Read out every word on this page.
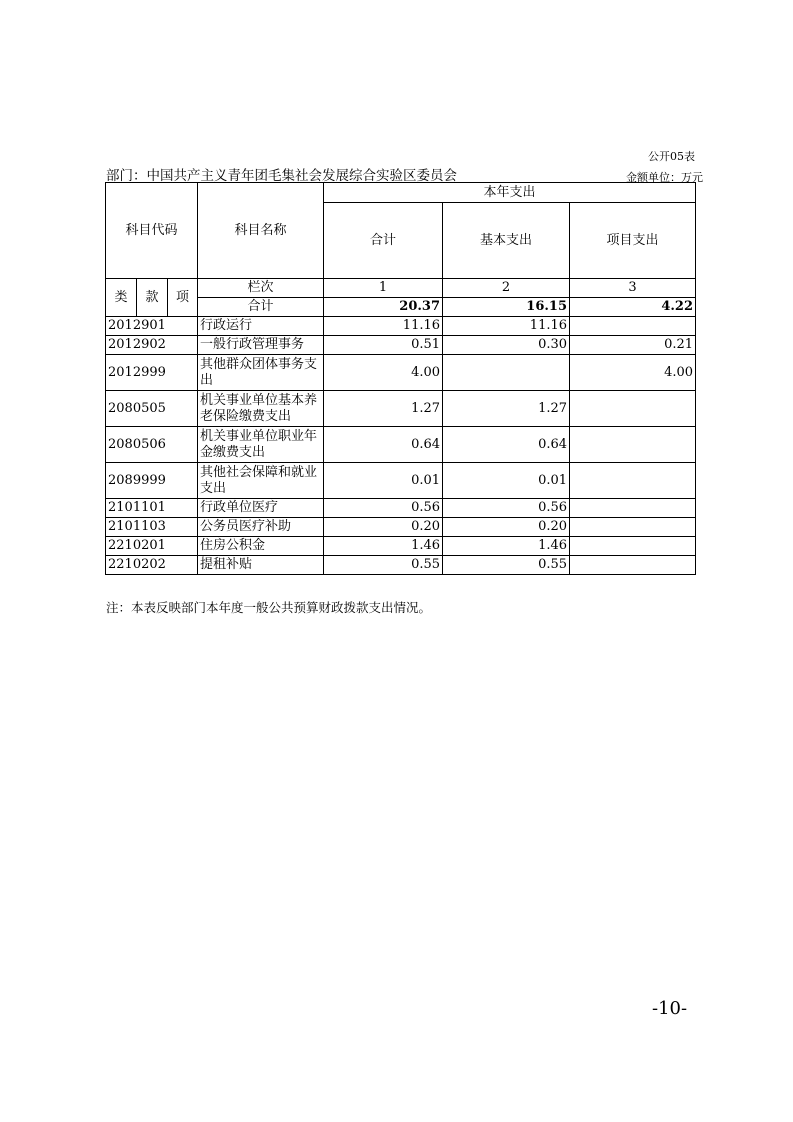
公开05表
部门：中国共产主义青年团毛集社会发展综合实验区委员会	金额单位：万元
科目代码			科目名称	本年支出		
				合计	基本支出	项目支出

类	款	项	栏次	1	2	3
			合计	20.37	16.15	4.22
2012901			行政运行	11.16	11.16	
2012902			一般行政管理事务	0.51	0.30	0.21
2012999			其他群众团体事务支出	4.00		4.00
2080505			机关事业单位基本养老保险缴费支出	1.27	1.27	
2080506			机关事业单位职业年金缴费支出	0.64	0.64	
2089999			其他社会保障和就业支出	0.01	0.01	
2101101			行政单位医疗	0.56	0.56	
2101103			公务员医疗补助	0.20	0.20	
2210201			住房公积金	1.46	1.46	
2210202			提租补贴	0.55	0.55	
注：本表反映部门本年度一般公共预算财政拨款支出情况。
-10-
